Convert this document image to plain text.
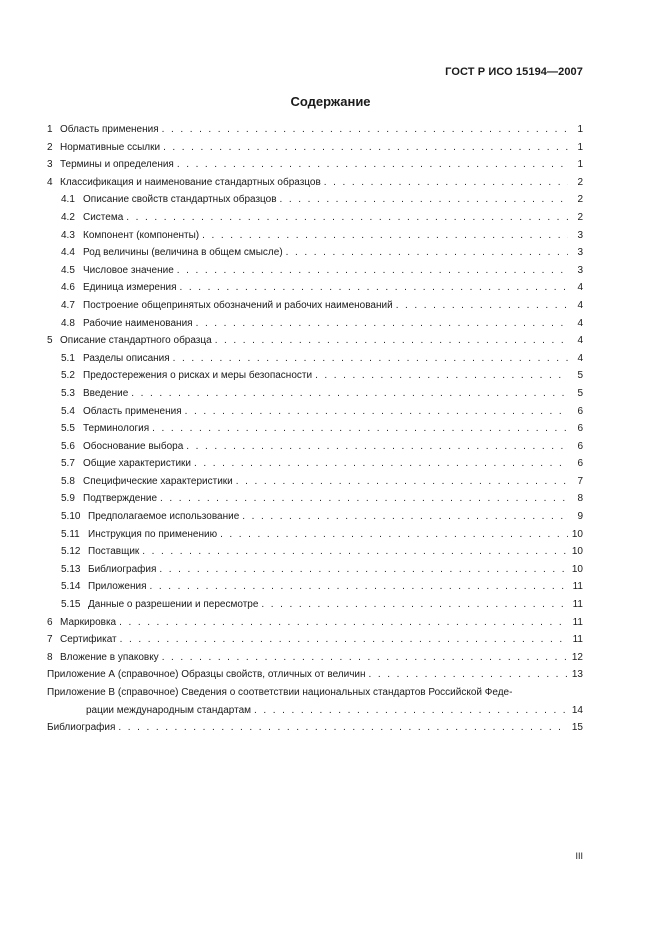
ГОСТ Р ИСО 15194—2007
Содержание
1 Область применения . . .	1
2 Нормативные ссылки . . .	1
3 Термины и определения . . .	1
4 Классификация и наименование стандартных образцов . . .	2
4.1 Описание свойств стандартных образцов . . .	2
4.2 Система . . .	2
4.3 Компонент (компоненты) . . .	3
4.4 Род величины (величина в общем смысле) . . .	3
4.5 Числовое значение . . .	3
4.6 Единица измерения . . .	4
4.7 Построение общепринятых обозначений и рабочих наименований . . .	4
4.8 Рабочие наименования . . .	4
5 Описание стандартного образца . . .	4
5.1 Разделы описания . . .	4
5.2 Предостережения о рисках и меры безопасности . . .	5
5.3 Введение . . .	5
5.4 Область применения . . .	6
5.5 Терминология . . .	6
5.6 Обоснование выбора . . .	6
5.7 Общие характеристики . . .	6
5.8 Специфические характеристики . . .	7
5.9 Подтверждение . . .	8
5.10 Предполагаемое использование . . .	9
5.11 Инструкция по применению . . .	10
5.12 Поставщик . . .	10
5.13 Библиография . . .	10
5.14 Приложения . . .	11
5.15 Данные о разрешении и пересмотре . . .	11
6 Маркировка . . .	11
7 Сертификат . . .	11
8 Вложение в упаковку . . .	12
Приложение А (справочное) Образцы свойств, отличных от величин . . .	13
Приложение В (справочное) Сведения о соответствии национальных стандартов Российской Феде-
рации международным стандартам . . .	14
Библиография . . .	15
III
